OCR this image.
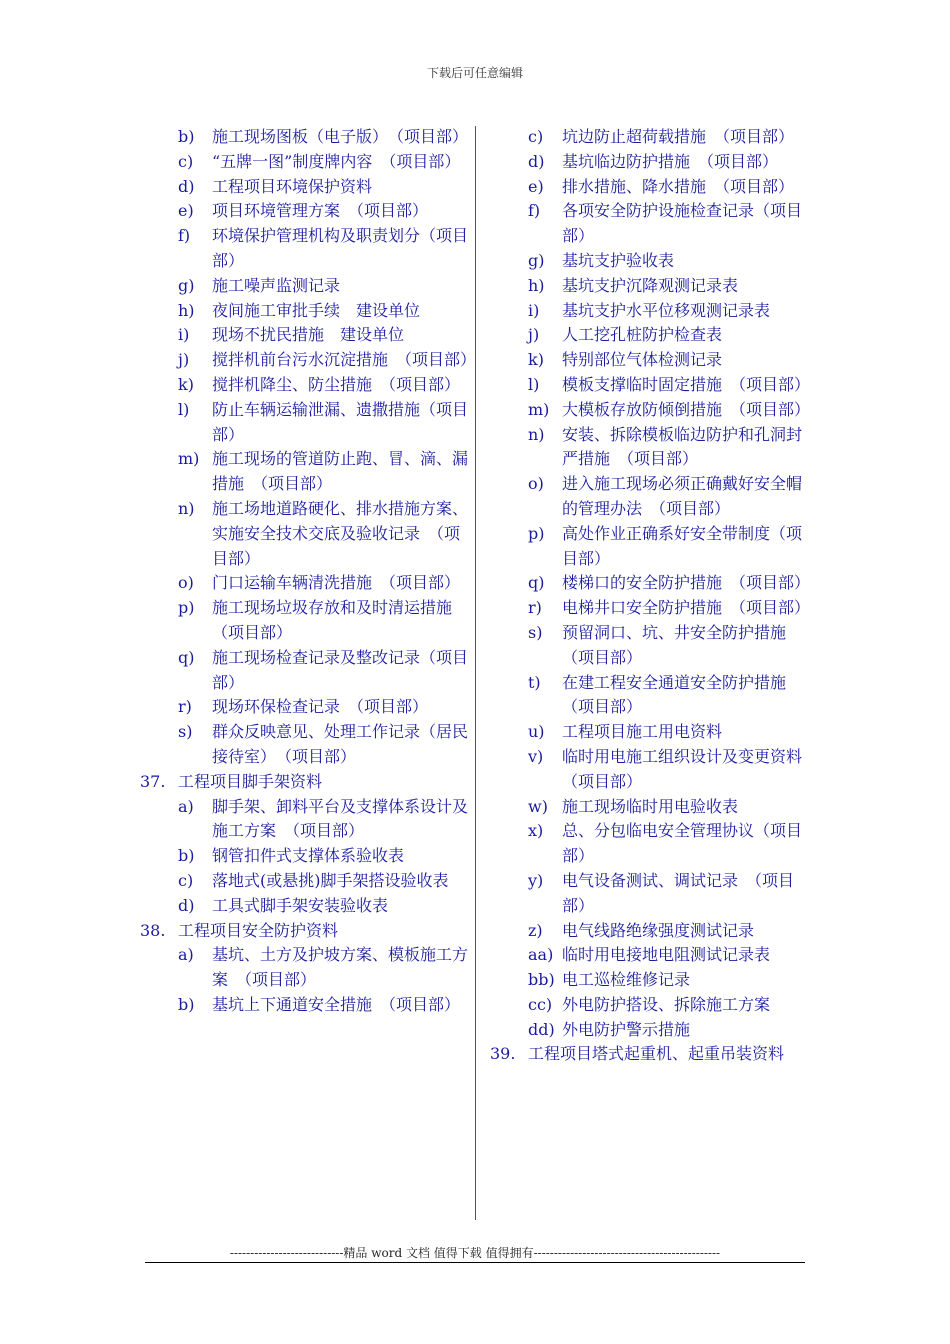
下载后可任意编辑
b) 施工现场图板（电子版）　（项目部）
c) “五牌一图”制度牌内容　（项目部）
d) 工程项目环境保护资料
e) 项目环境管理方案　（项目部）
f) 环境保护管理机构及职责划分（项目部）
g) 施工噪声监测记录
h) 夜间施工审批手续　建设单位
i) 现场不扰民措施　建设单位
j) 搅拌机前台污水沉淀措施　（项目部）
k) 搅拌机降尘、防尘措施　（项目部）
l) 防止车辆运输泄漏、遗撒措施（项目部）
m) 施工现场的管道防止跑、冒、滴、漏措施　（项目部）
n) 施工场地道路硬化、排水措施方案、实施安全技术交底及验收记录　（项目部）
o) 门口运输车辆清洗措施　（项目部）
p) 施工现场垃圾存放和及时清运措施　（项目部）
q) 施工现场检查记录及整改记录（项目部）
r) 现场环保检查记录　（项目部）
s) 群众反映意见、处理工作记录（居民接待室）　（项目部）
37. 工程项目脚手架资料
a) 脚手架、卸料平台及支撑体系设计及施工方案　（项目部）
b) 钢管扣件式支撑体系验收表
c) 落地式(或悬挑)脚手架搭设验收表
d) 工具式脚手架安装验收表
38. 工程项目安全防护资料
a) 基坑、土方及护坡方案、模板施工方案　（项目部）
b) 基坑上下通道安全措施　（项目部）
c) 坑边防止超荷载措施　（项目部）
d) 基坑临边防护措施　（项目部）
e) 排水措施、降水措施　（项目部）
f) 各项安全防护设施检查记录（项目部）
g) 基坑支护验收表
h) 基坑支护沉降观测记录表
i) 基坑支护水平位移观测记录表
j) 人工挖孔桩防护检查表
k) 特别部位气体检测记录
l) 模板支撑临时固定措施　（项目部）
m) 大模板存放防倾倒措施　（项目部）
n) 安装、拆除模板临边防护和孔洞封严措施　（项目部）
o) 进入施工现场必须正确戴好安全帽的管理办法　（项目部）
p) 高处作业正确系好安全带制度（项目部）
q) 楼梯口的安全防护措施　（项目部）
r) 电梯井口安全防护措施　（项目部）
s) 预留洞口、坑、井安全防护措施（项目部）
t) 在建工程安全通道安全防护措施（项目部）
u) 工程项目施工用电资料
v) 临时用电施工组织设计及变更资料　（项目部）
w) 施工现场临时用电验收表
x) 总、分包临电安全管理协议（项目部）
y) 电气设备测试、调试记录　（项目部）
z) 电气线路绝缘强度测试记录
aa) 临时用电接地电阻测试记录表
bb) 电工巡检维修记录
cc) 外电防护搭设、拆除施工方案
dd) 外电防护警示措施
39. 工程项目塔式起重机、起重吊装资料
----------------------------精品 word 文档 值得下载 值得拥有----------------------------------------------
